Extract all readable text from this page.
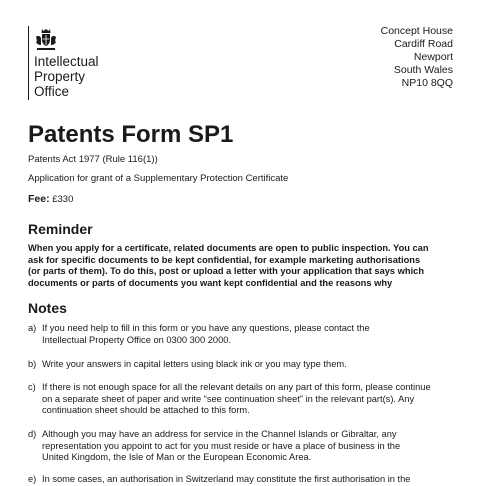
Intellectual
Property
Office
Concept House
Cardiff Road
Newport
South Wales
NP10 8QQ
Patents Form SP1
Patents Act 1977 (Rule 116(1))
Application for grant of a Supplementary Protection Certificate
Fee: £330
Reminder
When you apply for a certificate, related documents are open to public inspection. You can
ask for specific documents to be kept confidential, for example marketing authorisations
(or parts of them). To do this, post or upload a letter with your application that says which
documents or parts of documents you want kept confidential and the reasons why
Notes
a) If you need help to fill in this form or you have any questions, please contact the
Intellectual Property Office on 0300 300 2000.
b) Write your answers in capital letters using black ink or you may type them.
c) If there is not enough space for all the relevant details on any part of this form, please continue
on a separate sheet of paper and write “see continuation sheet” in the relevant part(s). Any
continuation sheet should be attached to this form.
d) Although you may have an address for service in the Channel Islands or Gibraltar, any
representation you appoint to act for you must reside or have a place of business in the
United Kingdom, the Isle of Man or the European Economic Area.
e) In some cases, an authorisation in Switzerland may constitute the first authorisation in the
